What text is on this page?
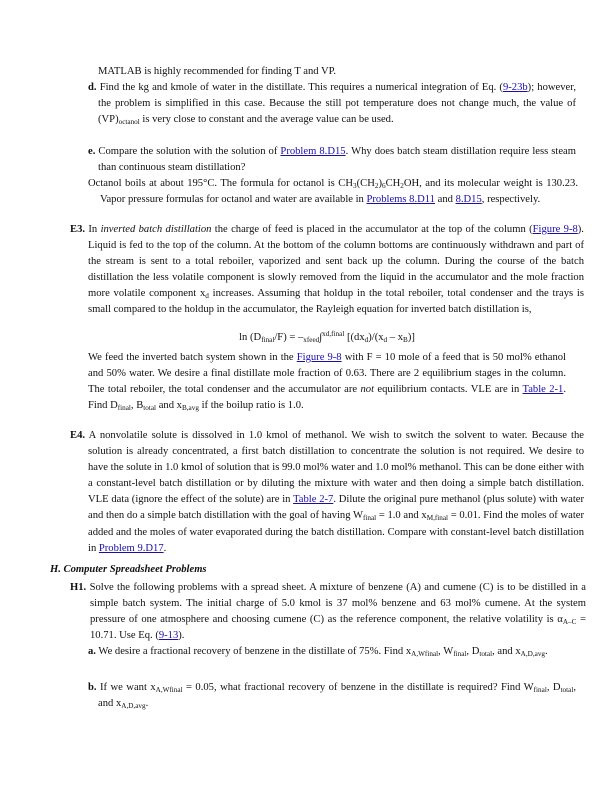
MATLAB is highly recommended for finding T and VP.

d. Find the kg and kmole of water in the distillate. This requires a numerical integration of Eq. (9-23b); however, the problem is simplified in this case. Because the still pot temperature does not change much, the value of $(VP)_{octanol}$ is very close to constant and the average value can be used.

e. Compare the solution with the solution of Problem 8.D15. Why does batch steam distillation require less steam than continuous steam distillation?

Octanol boils at about 195°C. The formula for octanol is $CH_3(CH_2)_6CH_2OH$, and its molecular weight is 130.23. Vapor pressure formulas for octanol and water are available in Problems 8.D11 and 8.D15, respectively.

E3. In inverted batch distillation the charge of feed is placed in the accumulator at the top of the column (Figure 9-8). Liquid is fed to the top of the column. At the bottom of the column bottoms are continuously withdrawn and part of the stream is sent to a total reboiler, vaporized and sent back up the column. During the course of the batch distillation the less volatile component is slowly removed from the liquid in the accumulator and the mole fraction more volatile component $x_d$ increases. Assuming that holdup in the total reboiler, total condenser and the trays is small compared to the holdup in the accumulator, the Rayleigh equation for inverted batch distillation is,

$\ln (D_{final}/F) = -_{xfeed}\int^{xd,final}$ $[(dx_d)/(x_d - x_B)]$

We feed the inverted batch system shown in the Figure 9-8 with F = 10 mole of a feed that is 50 mol% ethanol and 50% water. We desire a final distillate mole fraction of 0.63. There are 2 equilibrium stages in the column. The total reboiler, the total condenser and the accumulator are not equilibrium contacts. VLE are in Table 2-1. Find $D_{final}$, $B_{total}$ and $x_{B,avg}$ if the boilup ratio is 1.0.

E4. A nonvolatile solute is dissolved in 1.0 kmol of methanol. We wish to switch the solvent to water. Because the solution is already concentrated, a first batch distillation to concentrate the solution is not required. We desire to have the solute in 1.0 kmol of solution that is 99.0 mol% water and 1.0 mol% methanol. This can be done either with a constant-level batch distillation or by diluting the mixture with water and then doing a simple batch distillation. VLE data (ignore the effect of the solute) are in Table 2-7. Dilute the original pure methanol (plus solute) with water and then do a simple batch distillation with the goal of having $W_{final} = 1.0$ and $x_{M,final} = 0.01$. Find the moles of water added and the moles of water evaporated during the batch distillation. Compare with constant-level batch distillation in Problem 9.D17.

H. Computer Spreadsheet Problems

H1. Solve the following problems with a spread sheet. A mixture of benzene (A) and cumene (C) is to be distilled in a simple batch system. The initial charge of 5.0 kmol is 37 mol% benzene and 63 mol% cumene. At the system pressure of one atmosphere and choosing cumene (C) as the reference component, the relative volatility is $\alpha_{A-C} = 10.71$. Use Eq. (9-13).

a. We desire a fractional recovery of benzene in the distillate of 75%. Find $x_{A,Wfinal}$, $W_{final}$, $D_{total}$, and $x_{A,D,avg}$.

b. If we want $x_{A,Wfinal} = 0.05$, what fractional recovery of benzene in the distillate is required? Find $W_{final}$, $D_{total}$, and $x_{A,D,avg}$.
